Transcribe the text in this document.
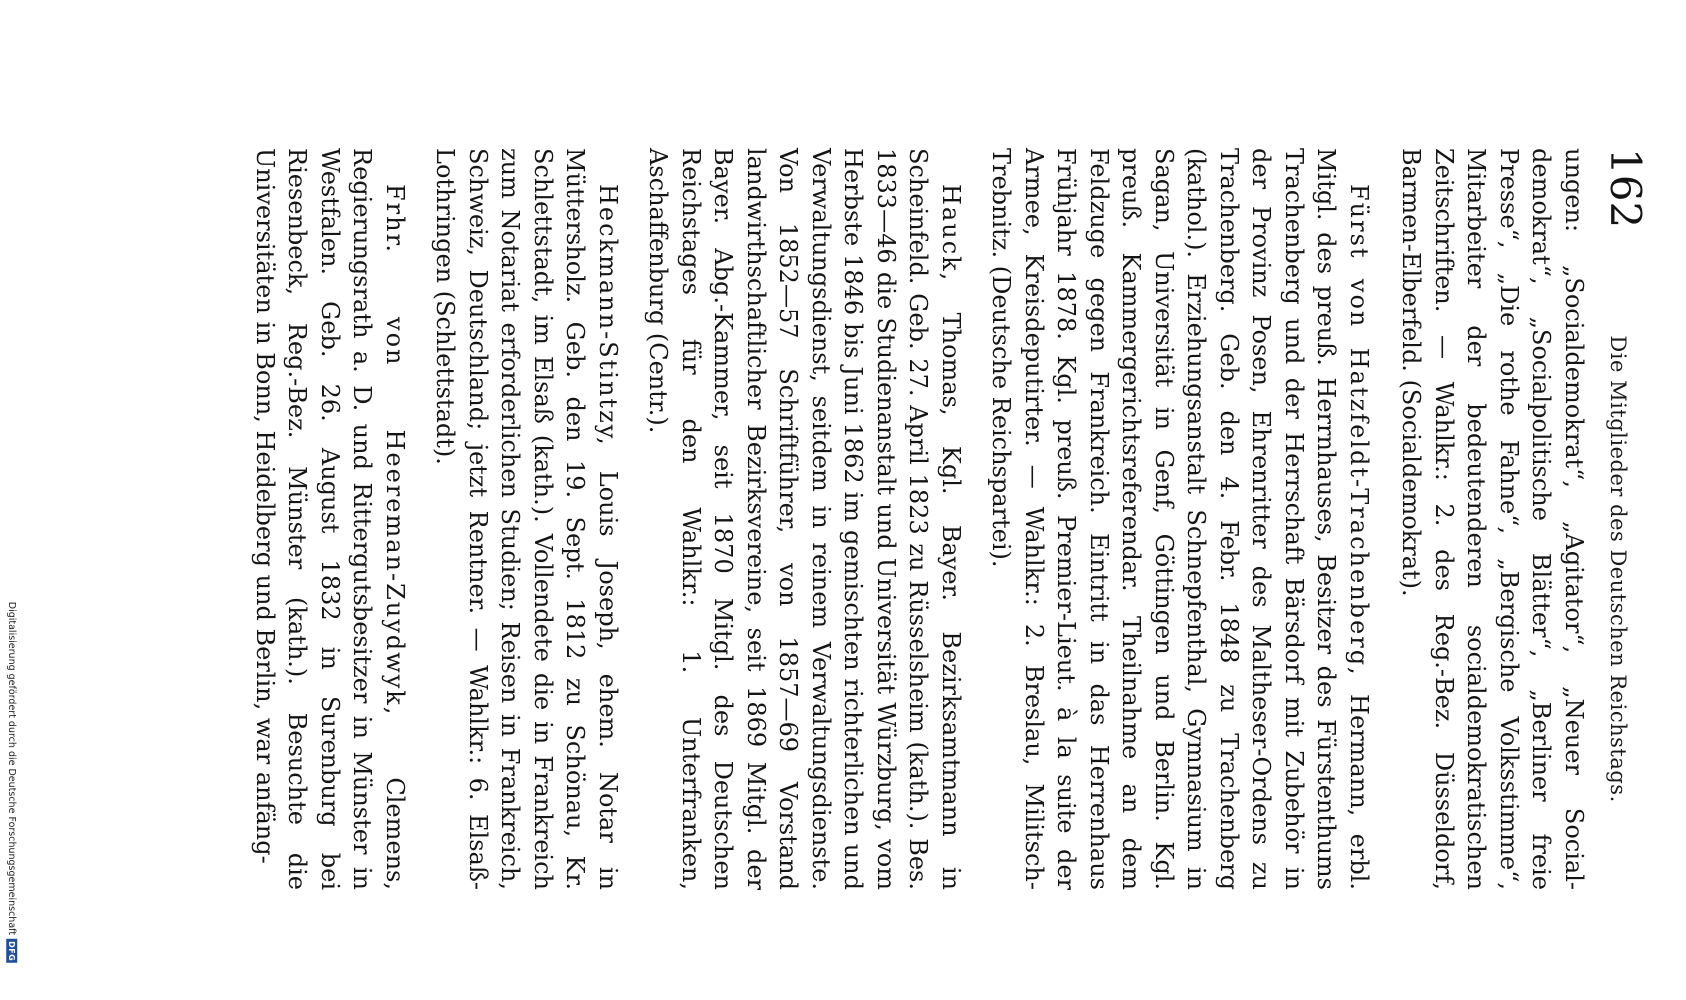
162
Die Mitglieder des Deutschen Reichstags.

ungen: „Socialdemokrat“, „Agitator“, „Neuer Social-demokrat“, „Socialpolitische Blätter“, „Berliner freie Presse“, „Die rothe Fahne“, „Bergische Volksstimme“, Mitarbeiter der bedeutenderen socialdemokratischen Zeitschriften. — Wahlkr.: 2. des Reg.-Bez. Düsseldorf, Barmen-Elberfeld. (Socialdemokrat).

Fürst von Hatzfeldt-Trachenberg, Hermann, erbl. Mitgl. des preuß. Herrnhauses, Besitzer des Fürstenthums Trachenberg und der Herrschaft Bärsdorf mit Zubehör in der Provinz Posen, Ehrenritter des Maltheser-Ordens zu Trachenberg. Geb. den 4. Febr. 1848 zu Trachenberg (kathol.). Erziehungsanstalt Schnepfenthal, Gymnasium in Sagan, Universität in Genf, Göttingen und Berlin. Kgl. preuß. Kammergerichtsreferendar. Theilnahme an dem Feldzuge gegen Frankreich. Eintritt in das Herrenhaus Frühjahr 1878. Kgl. preuß. Premier-Lieut. à la suite der Armee, Kreisdeputirter. — Wahlkr.: 2. Breslau, Militsch-Trebnitz. (Deutsche Reichspartei).

Hauck, Thomas, Kgl. Bayer. Bezirksamtmann in Scheinfeld. Geb. 27. April 1823 zu Rüsselsheim (kath.). Bes. 1833—46 die Studienanstalt und Universität Würzburg, vom Herbste 1846 bis Juni 1862 im gemischten richterlichen und Verwaltungsdienst, seitdem in reinem Verwaltungsdienste. Von 1852—57 Schriftführer, von 1857—69 Vorstand landwirthschaftlicher Bezirksvereine, seit 1869 Mitgl. der Bayer. Abg.-Kammer, seit 1870 Mitgl. des Deutschen Reichstages für den Wahlkr.: 1. Unterfranken, Aschaffenburg (Centr.).

Heckmann-Stintzy, Louis Joseph, ehem. Notar in Müttersholz. Geb. den 19. Sept. 1812 zu Schönau, Kr. Schlettstadt, im Elsaß (kath.). Vollendete die in Frankreich zum Notariat erforderlichen Studien; Reisen in Frankreich, Schweiz, Deutschland; jetzt Rentner. — Wahlkr.: 6. Elsaß-Lothringen (Schlettstadt).

Frhr. von Heereman-Zuydwyk, Clemens, Regierungsrath a. D. und Rittergutsbesitzer in Münster in Westfalen. Geb. 26. August 1832 in Surenburg bei Riesenbeck, Reg.-Bez. Münster (kath.). Besuchte die Universitäten in Bonn, Heidelberg und Berlin, war anfäng-

Digitalisierung gefördert durch die Deutsche Forschungsgemeinschaft
DFG
